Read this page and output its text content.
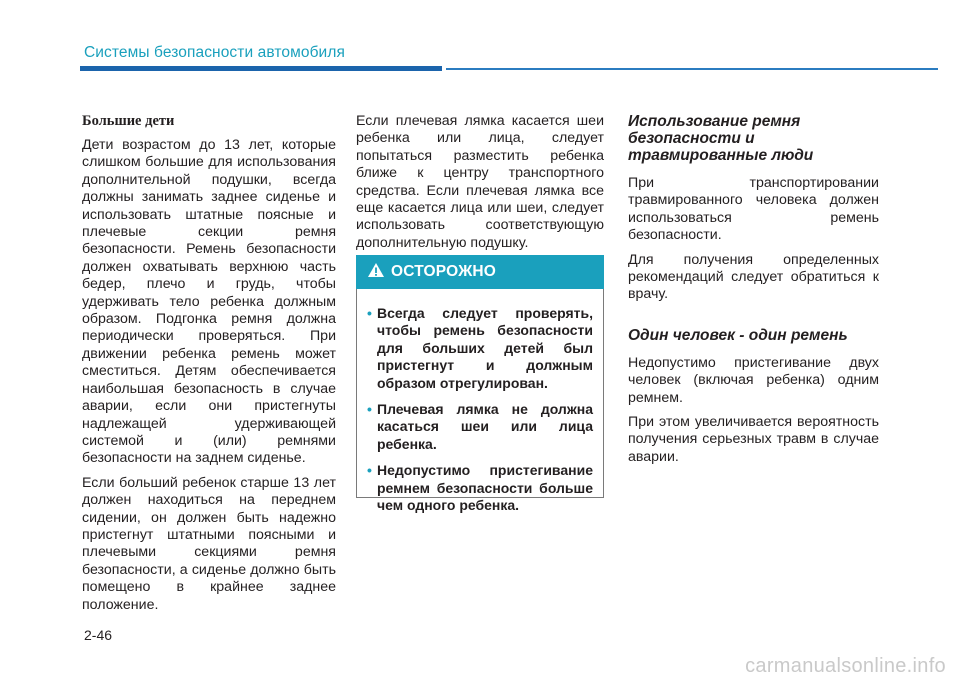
Системы безопасности автомобиля
Большие дети

Дети возрастом до 13 лет, которые слишком большие для использования дополнительной подушки, всегда должны занимать заднее сиденье и использовать штатные поясные и плечевые секции ремня безопасности. Ремень безопасности должен охватывать верхнюю часть бедер, плечо и грудь, чтобы удерживать тело ребенка должным образом. Подгонка ремня должна периодически проверяться. При движении ребенка ремень может сместиться. Детям обеспечивается наибольшая безопасность в случае аварии, если они пристегнуты надлежащей удерживающей системой и (или) ремнями безопасности на заднем сиденье.

Если больший ребенок старше 13 лет должен находиться на переднем сидении, он должен быть надежно пристегнут штатными поясными и плечевыми секциями ремня безопасности, а сиденье должно быть помещено в крайнее заднее положение.

Если плечевая лямка касается шеи ребенка или лица, следует попытаться разместить ребенка ближе к центру транспортного средства. Если плечевая лямка все еще касается лица или шеи, следует использовать соответствующую дополнительную подушку.

ОСТОРОЖНО
• Всегда следует проверять, чтобы ремень безопасности для больших детей был пристегнут и должным образом отрегулирован.
• Плечевая лямка не должна касаться шеи или лица ребенка.
• Недопустимо пристегивание ремнем безопасности больше чем одного ребенка.
Использование ремня безопасности и травмированные люди

При транспортировании травмированного человека должен использоваться ремень безопасности.

Для получения определенных рекомендаций следует обратиться к врачу.

Один человек - один ремень

Недопустимо пристегивание двух человек (включая ребенка) одним ремнем.

При этом увеличивается вероятность получения серьезных травм в случае аварии.

2-46
carmanualsonline.info
